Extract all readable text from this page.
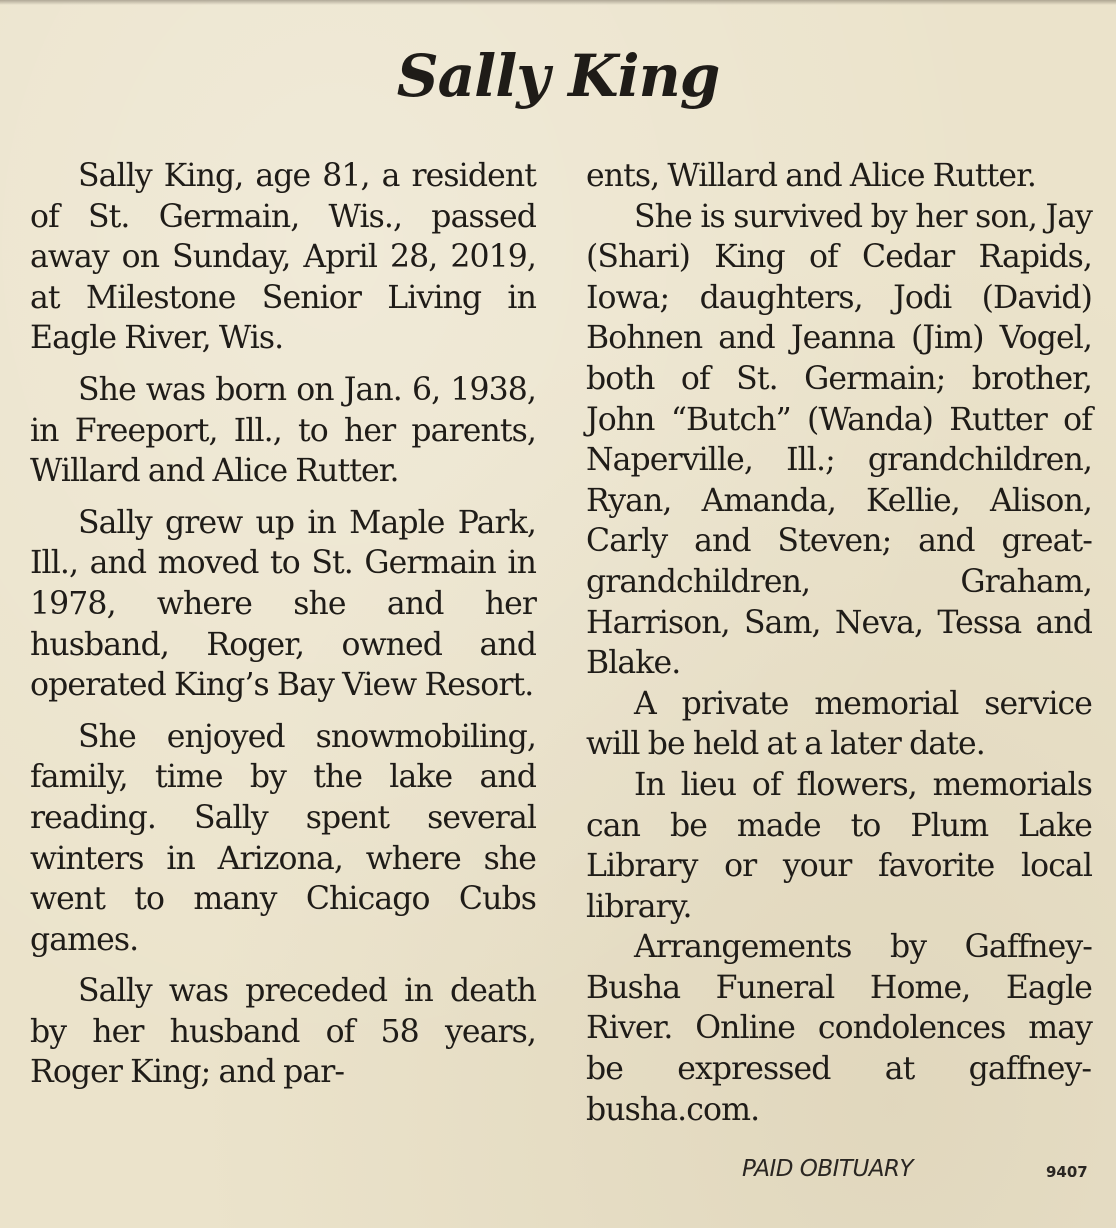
Sally King

Sally King, age 81, a resident of St. Germain, Wis., passed away on Sunday, April 28, 2019, at Milestone Senior Living in Eagle River, Wis.

She was born on Jan. 6, 1938, in Freeport, Ill., to her parents, Willard and Alice Rutter.

Sally grew up in Maple Park, Ill., and moved to St. Germain in 1978, where she and her husband, Roger, owned and operated King’s Bay View Resort.

She enjoyed snowmobiling, family, time by the lake and reading. Sally spent several winters in Arizona, where she went to many Chicago Cubs games.

Sally was preceded in death by her husband of 58 years, Roger King; and par-

ents, Willard and Alice Rutter.

She is survived by her son, Jay (Shari) King of Cedar Rapids, Iowa; daughters, Jodi (David) Bohnen and Jeanna (Jim) Vogel, both of St. Germain; brother, John “Butch” (Wanda) Rutter of Naperville, Ill.; grandchildren, Ryan, Amanda, Kellie, Alison, Carly and Steven; and great-grandchildren, Graham, Harrison, Sam, Neva, Tessa and Blake.

A private memorial service will be held at a later date.

In lieu of flowers, memorials can be made to Plum Lake Library or your favorite local library.

Arrangements by Gaffney-Busha Funeral Home, Eagle River. Online condolences may be expressed at gaffneybusha.com.

PAID OBITUARY	9407
